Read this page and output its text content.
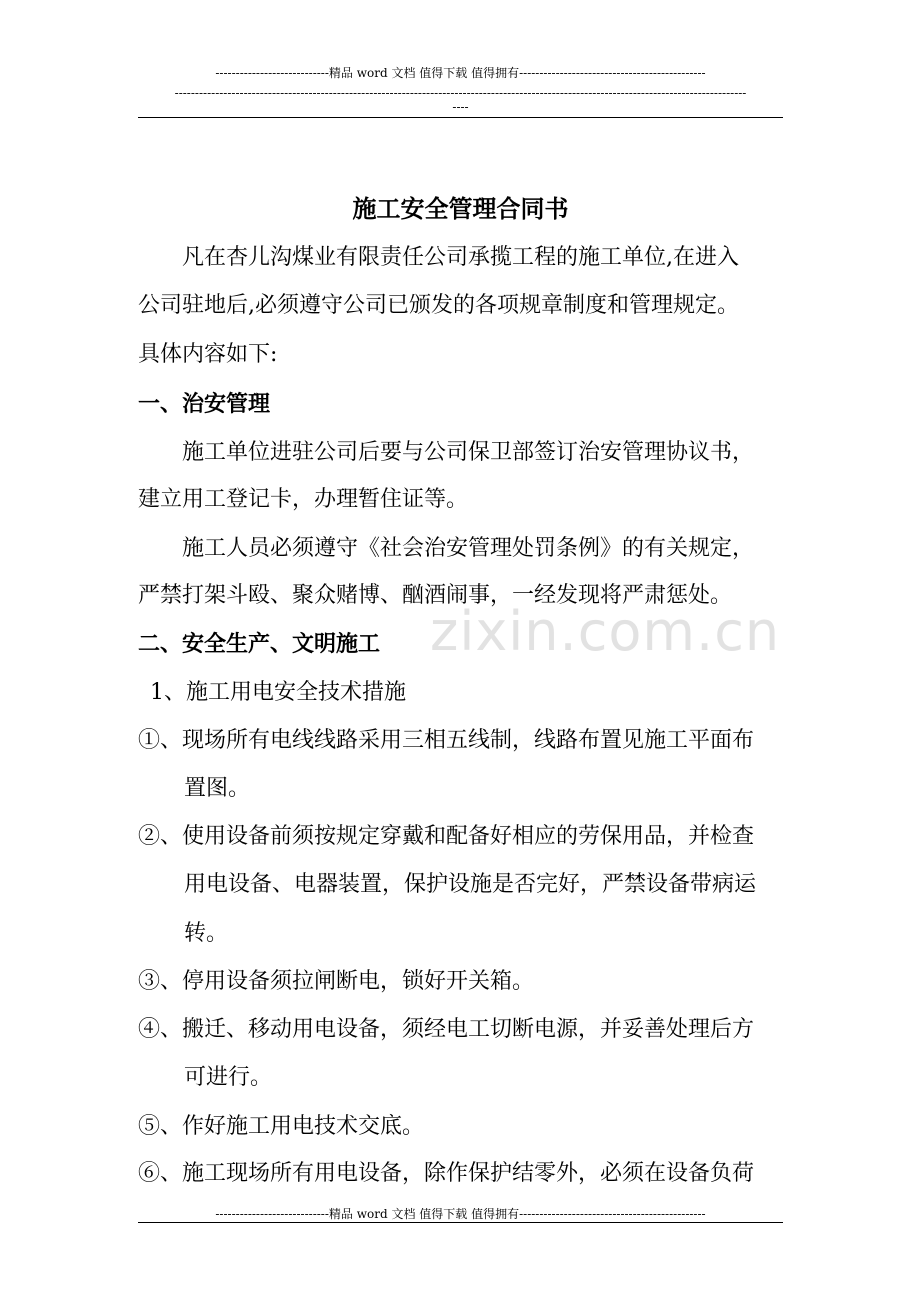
----------------------------精品 word 文档 值得下载 值得拥有----------------------------------------------
---------------------------------------------------------------------------------------------------------------------------------------------
----
施工安全管理合同书
凡在杏儿沟煤业有限责任公司承揽工程的施工单位,在进入
公司驻地后,必须遵守公司已颁发的各项规章制度和管理规定。
具体内容如下:
一、治安管理
施工单位进驻公司后要与公司保卫部签订治安管理协议书，
建立用工登记卡，办理暂住证等。
施工人员必须遵守《社会治安管理处罚条例》的有关规定，
严禁打架斗殴、聚众赌博、酗酒闹事，一经发现将严肃惩处。
二、安全生产、文明施工
1、施工用电安全技术措施
①、现场所有电线线路采用三相五线制，线路布置见施工平面布
置图。
②、使用设备前须按规定穿戴和配备好相应的劳保用品，并检查
用电设备、电器装置，保护设施是否完好，严禁设备带病运
转。
③、停用设备须拉闸断电，锁好开关箱。
④、搬迁、移动用电设备，须经电工切断电源，并妥善处理后方
可进行。
⑤、作好施工用电技术交底。
⑥、施工现场所有用电设备，除作保护结零外，必须在设备负荷
----------------------------精品 word 文档 值得下载 值得拥有----------------------------------------------
zixin.com.cn
